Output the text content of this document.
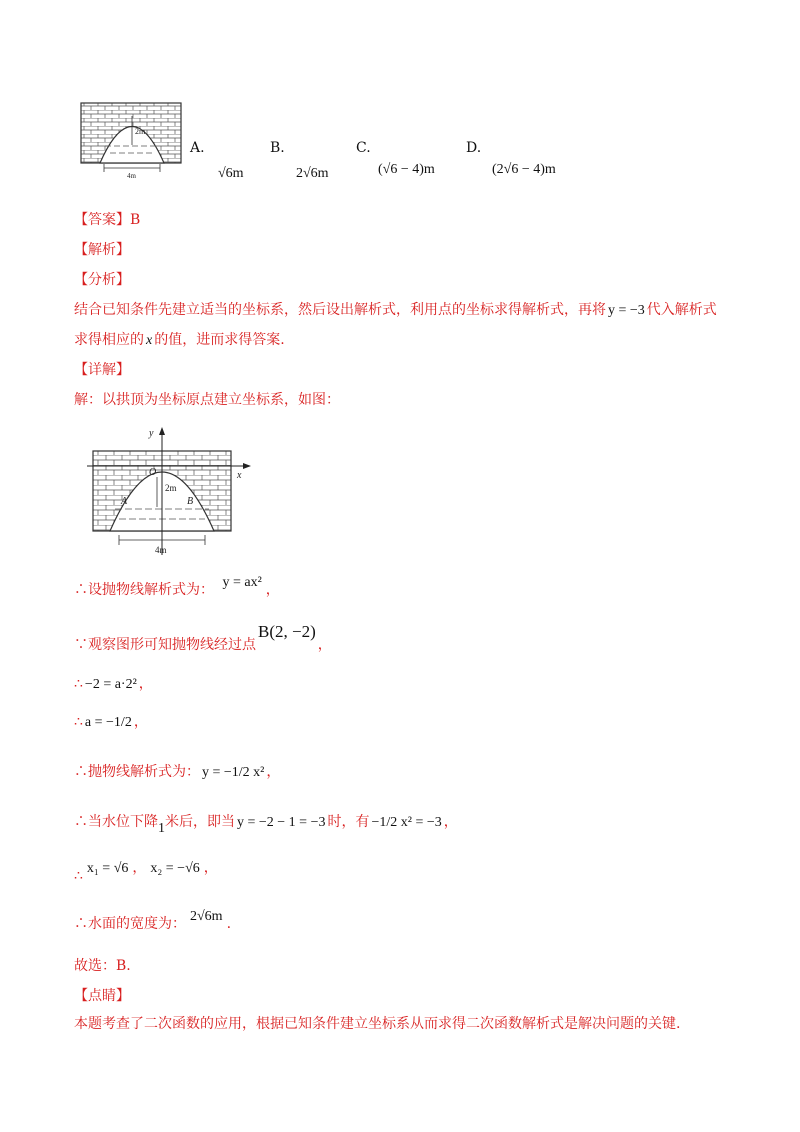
2m
4m
A.
√6m
B.
2√6m
C.
(√6 − 4)m
D.
(2√6 − 4)m
【答案】B
【解析】
【分析】
结合已知条件先建立适当的坐标系，然后设出解析式，利用点的坐标求得解析式，再将 y = −3 代入解析式
求得相应的 x 的值，进而求得答案.
【详解】
解：以拱顶为坐标原点建立坐标系，如图：
y
x
O
A	B
2m
4m
∴设抛物线解析式为： y = ax² ，
∵观察图形可知抛物线经过点B(2, −2)，
∴ −2 = a·2² ，
∴ a = −1/2 ，
∴抛物线解析式为： y = −1/2 x² ，
∴当水位下降1米后，即当 y = −2 − 1 = −3 时，有 −1/2 x² = −3 ，
∴ x₁ = √6 ， x₂ = −√6 ，
∴水面的宽度为： 2√6m .
故选：B.
【点睛】
本题考查了二次函数的应用，根据已知条件建立坐标系从而求得二次函数解析式是解决问题的关键.
